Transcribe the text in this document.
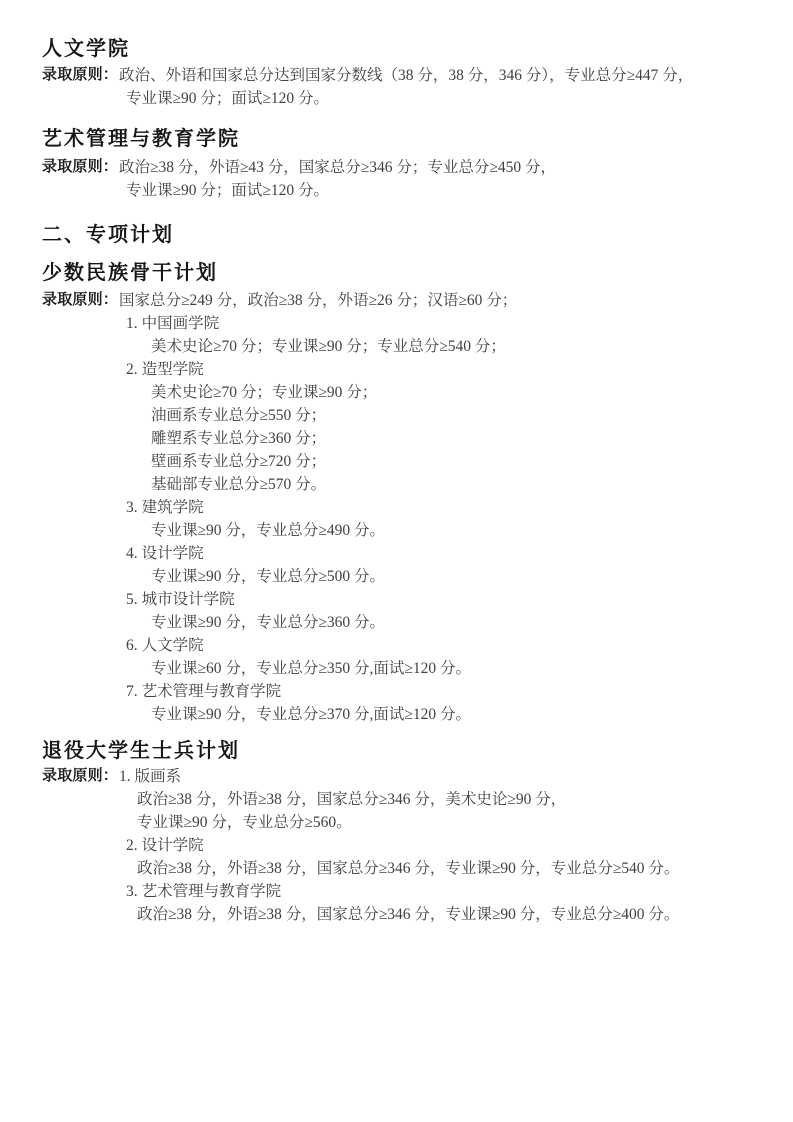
人文学院
录取原则： 政治、外语和国家总分达到国家分数线（38 分，38 分，346 分），专业总分≥447 分，
专业课≥90 分；面试≥120 分。
艺术管理与教育学院
录取原则： 政治≥38 分，外语≥43 分，国家总分≥346 分；专业总分≥450 分，
专业课≥90 分；面试≥120 分。
二、专项计划
少数民族骨干计划
录取原则： 国家总分≥249 分，政治≥38 分，外语≥26 分；汉语≥60 分；
1. 中国画学院
美术史论≥70 分；专业课≥90 分；专业总分≥540 分；
2. 造型学院
美术史论≥70 分；专业课≥90 分；
油画系专业总分≥550 分；
雕塑系专业总分≥360 分；
壁画系专业总分≥720 分；
基础部专业总分≥570 分。
3. 建筑学院
专业课≥90 分，专业总分≥490 分。
4. 设计学院
专业课≥90 分，专业总分≥500 分。
5. 城市设计学院
专业课≥90 分，专业总分≥360 分。
6. 人文学院
专业课≥60 分，专业总分≥350 分,面试≥120 分。
7. 艺术管理与教育学院
专业课≥90 分，专业总分≥370 分,面试≥120 分。
退役大学生士兵计划
录取原则： 1. 版画系
政治≥38 分，外语≥38 分，国家总分≥346 分，美术史论≥90 分，
专业课≥90 分，专业总分≥560。
2. 设计学院
政治≥38 分，外语≥38 分，国家总分≥346 分，专业课≥90 分，专业总分≥540 分。
3. 艺术管理与教育学院
政治≥38 分，外语≥38 分，国家总分≥346 分，专业课≥90 分，专业总分≥400 分。
